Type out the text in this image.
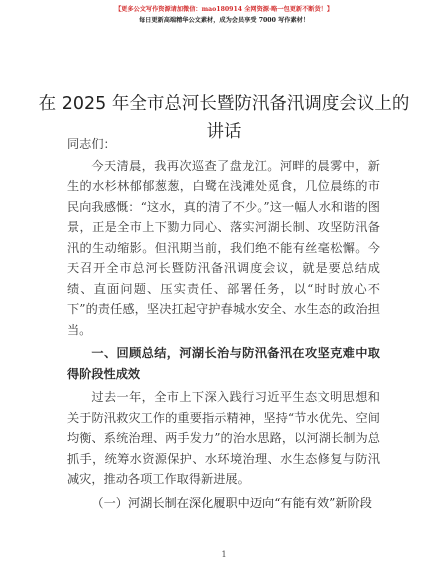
【更多公文写作资源请加微信：mao180914 全网资源·略一包更新不断货！】
每日更新高端精华公文素材，成为会员享受 7000 写作素材！
在 2025 年全市总河长暨防汛备汛调度会议上的讲话

同志们：

今天清晨，我再次巡查了盘龙江。河畔的晨雾中，新生的水杉林郁郁葱葱，白鹭在浅滩处觅食，几位晨练的市民向我感慨：“这水，真的清了不少。”这一幅人水和谐的图景，正是全市上下勠力同心、落实河湖长制、攻坚防汛备汛的生动缩影。但汛期当前，我们绝不能有丝毫松懈。今天召开全市总河长暨防汛备汛调度会议，就是要总结成绩、直面问题、压实责任、部署任务，以“时时放心不下”的责任感，坚决扛起守护春城水安全、水生态的政治担当。

一、回顾总结，河湖长治与防汛备汛在攻坚克难中取得阶段性成效

过去一年，全市上下深入践行习近平生态文明思想和关于防汛救灾工作的重要指示精神，坚持“节水优先、空间均衡、系统治理、两手发力”的治水思路，以河湖长制为总抓手，统筹水资源保护、水环境治理、水生态修复与防汛减灾，推动各项工作取得新进展。

（一）河湖长制在深化履职中迈向“有能有效”新阶段

1
